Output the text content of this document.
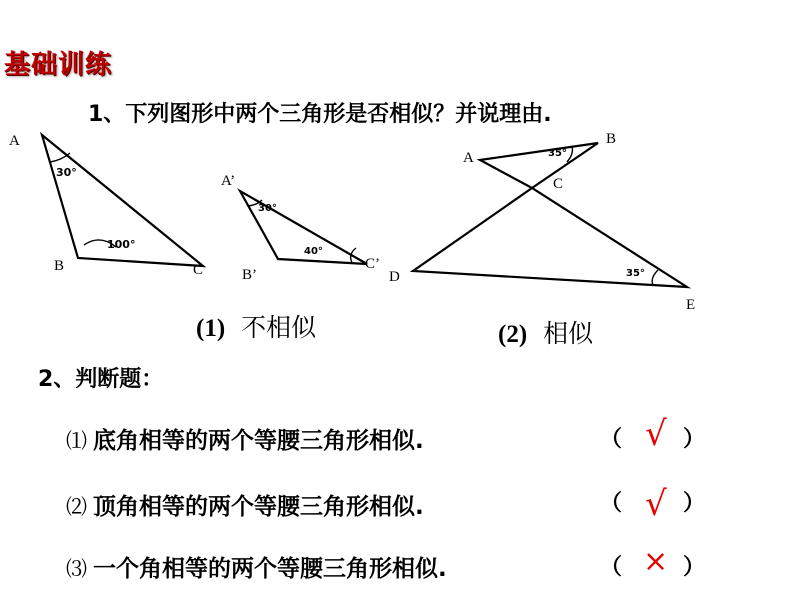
基础训练
1、下列图形中两个三角形是否相似？并说理由.
A
B	C
30°
100°
A’
B’
C’
30°
40°
(1) 不相似
A
B
C
D
E
35°
35°
(2) 相似
2、判断题：
⑴ 底角相等的两个等腰三角形相似.	（ √ ）
⑵ 顶角相等的两个等腰三角形相似.	（ √ ）
⑶ 一个角相等的两个等腰三角形相似.	（ × ）
